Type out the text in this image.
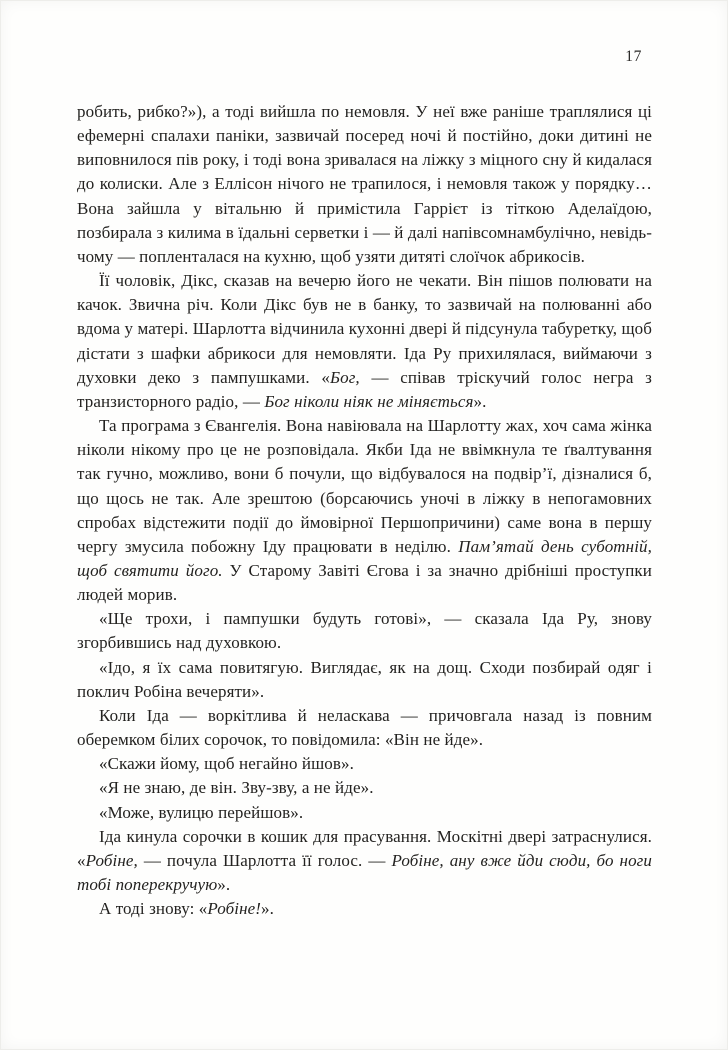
17

робить, рибко?»), а тоді вийшла по немовля. У неї вже раніше траплялися ці ефемерні спалахи паніки, зазвичай посеред ночі й постійно, доки дитині не виповнилося пів року, і тоді вона зривалася на ліжку з міцного сну й кидалася до колиски. Але з Еллісон нічого не трапилося, і немовля також у порядку… Вона зайшла у вітальню й примістила Гаррієт із тіткою Аделаїдою, позбирала з килима в їдальні серветки і — й далі напівсомнамбулічно, невідь-чому — попленталася на кухню, щоб узяти дитяті слоїчок абрикосів.

Її чоловік, Дікс, сказав на вечерю його не чекати. Він пішов полювати на качок. Звична річ. Коли Дікс був не в банку, то зазвичай на полюванні або вдома у матері. Шарлотта відчинила кухонні двері й підсунула табуретку, щоб дістати з шафки абрикоси для немовляти. Іда Ру прихилялася, виймаючи з духовки деко з пампушками. «Бог, — співав тріскучий голос негра з транзисторного радіо, — Бог ніколи ніяк не міняється».

Та програма з Євангелія. Вона навіювала на Шарлотту жах, хоч сама жінка ніколи нікому про це не розповідала. Якби Іда не ввімкнула те ґвалтування так гучно, можливо, вони б почули, що відбувалося на подвір’ї, дізналися б, що щось не так. Але зрештою (борсаючись уночі в ліжку в непогамовних спробах відстежити події до ймовірної Першопричини) саме вона в першу чергу змусила побожну Іду працювати в неділю. Пам’ятай день суботній, щоб святити його. У Старому Завіті Єгова і за значно дрібніші проступки людей морив.

«Ще трохи, і пампушки будуть готові», — сказала Іда Ру, знову згорбившись над духовкою.

«Ідо, я їх сама повитягую. Виглядає, як на дощ. Сходи позбирай одяг і поклич Робіна вечеряти».

Коли Іда — воркітлива й неласкава — причовгала назад із повним оберемком білих сорочок, то повідомила: «Він не йде».

«Скажи йому, щоб негайно йшов».

«Я не знаю, де він. Зву-зву, а не йде».

«Може, вулицю перейшов».

Іда кинула сорочки в кошик для прасування. Москітні двері затраснулися. «Робіне, — почула Шарлотта її голос. — Робіне, ану вже йди сюди, бо ноги тобі поперекручую».

А тоді знову: «Робіне!».
